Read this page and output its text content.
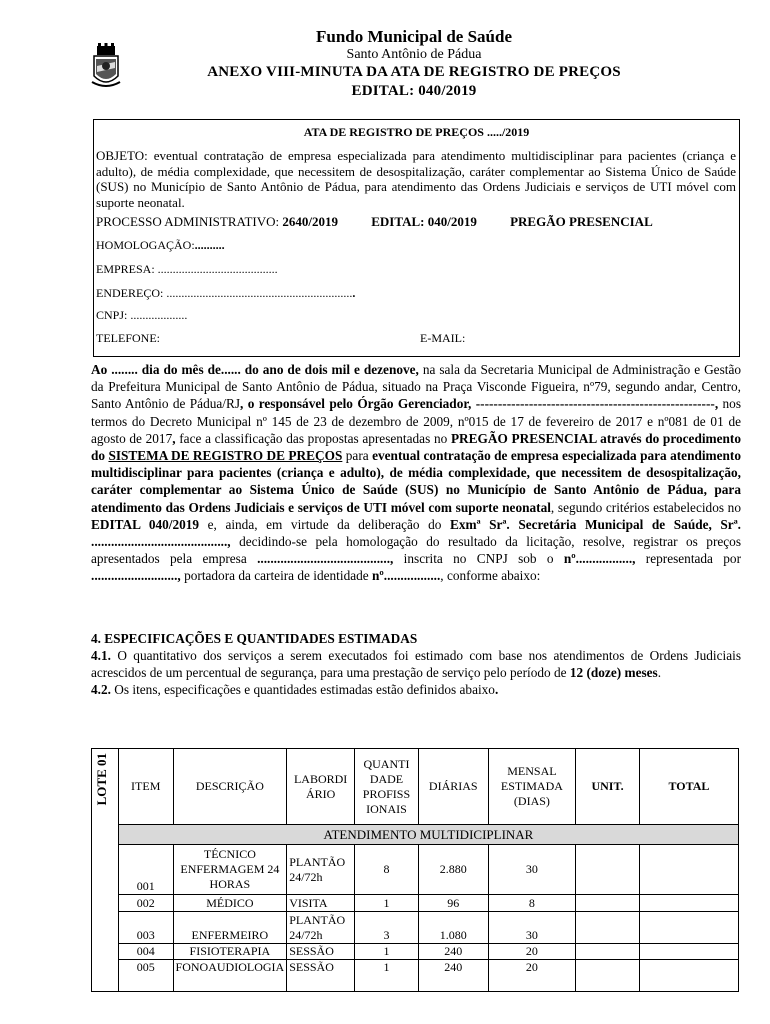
Fundo Municipal de Saúde
Santo Antônio de Pádua
ANEXO VIII-MINUTA DA ATA DE REGISTRO DE PREÇOS
EDITAL: 040/2019
ATA DE REGISTRO DE PREÇOS ...../2019
OBJETO: eventual contratação de empresa especializada para atendimento multidisciplinar para pacientes (criança e adulto), de média complexidade, que necessitem de desospitalização, caráter complementar ao Sistema Único de Saúde (SUS) no Município de Santo Antônio de Pádua, para atendimento das Ordens Judiciais e serviços de UTI móvel com suporte neonatal.
PROCESSO ADMINISTRATIVO: 2640/2019	EDITAL: 040/2019	PREGÃO PRESENCIAL
HOMOLOGAÇÃO:..........
EMPRESA: ........................................
ENDEREÇO: ...............................................................
CNPJ: ...................
TELEFONE:	E-MAIL:

Ao ........ dia do mês de...... do ano de dois mil e dezenove, na sala da Secretaria Municipal de Administração e Gestão da Prefeitura Municipal de Santo Antônio de Pádua, situado na Praça Visconde Figueira, nº79, segundo andar, Centro, Santo Antônio de Pádua/RJ, o responsável pelo Órgão Gerenciador, ------------------------------------------------------, nos termos do Decreto Municipal nº 145 de 23 de dezembro de 2009, nº015 de 17 de fevereiro de 2017 e nº081 de 01 de agosto de 2017, face a classificação das propostas apresentadas no PREGÃO PRESENCIAL através do procedimento do SISTEMA DE REGISTRO DE PREÇOS para eventual contratação de empresa especializada para atendimento multidisciplinar para pacientes (criança e adulto), de média complexidade, que necessitem de desospitalização, caráter complementar ao Sistema Único de Saúde (SUS) no Município de Santo Antônio de Pádua, para atendimento das Ordens Judiciais e serviços de UTI móvel com suporte neonatal, segundo critérios estabelecidos no EDITAL 040/2019 e, ainda, em virtude da deliberação do Exmª Srª. Secretária Municipal de Saúde, Srª. ........................................., decidindo-se pela homologação do resultado da licitação, resolve, registrar os preços apresentados pela empresa ........................................, inscrita no CNPJ sob o nº................., representada por .........................., portadora da carteira de identidade nº................., conforme abaixo:

4. ESPECIFICAÇÕES E QUANTIDADES ESTIMADAS

4.1. O quantitativo dos serviços a serem executados foi estimado com base nos atendimentos de Ordens Judiciais acrescidos de um percentual de segurança, para uma prestação de serviço pelo período de 12 (doze) meses.

4.2. Os itens, especificações e quantidades estimadas estão definidos abaixo.

LOTE 01	ITEM	DESCRIÇÃO	LABORDI ÁRIO	QUANTI DADE PROFISS IONAIS	DIÁRIAS	MENSAL ESTIMADA (DIAS)	UNIT.	TOTAL
	ATENDIMENTO MULTIDICIPLINAR							
	001	TÉCNICO ENFERMAGEM 24 HORAS	PLANTÃO 24/72h	8	2.880	30		
	002	MÉDICO	VISITA	1	96	8		
	003	ENFERMEIRO	PLANTÃO 24/72h	3	1.080	30		
	004	FISIOTERAPIA	SESSÃO	1	240	20		
	005	FONOAUDIOLOGIA	SESSÃO	1	240	20		
